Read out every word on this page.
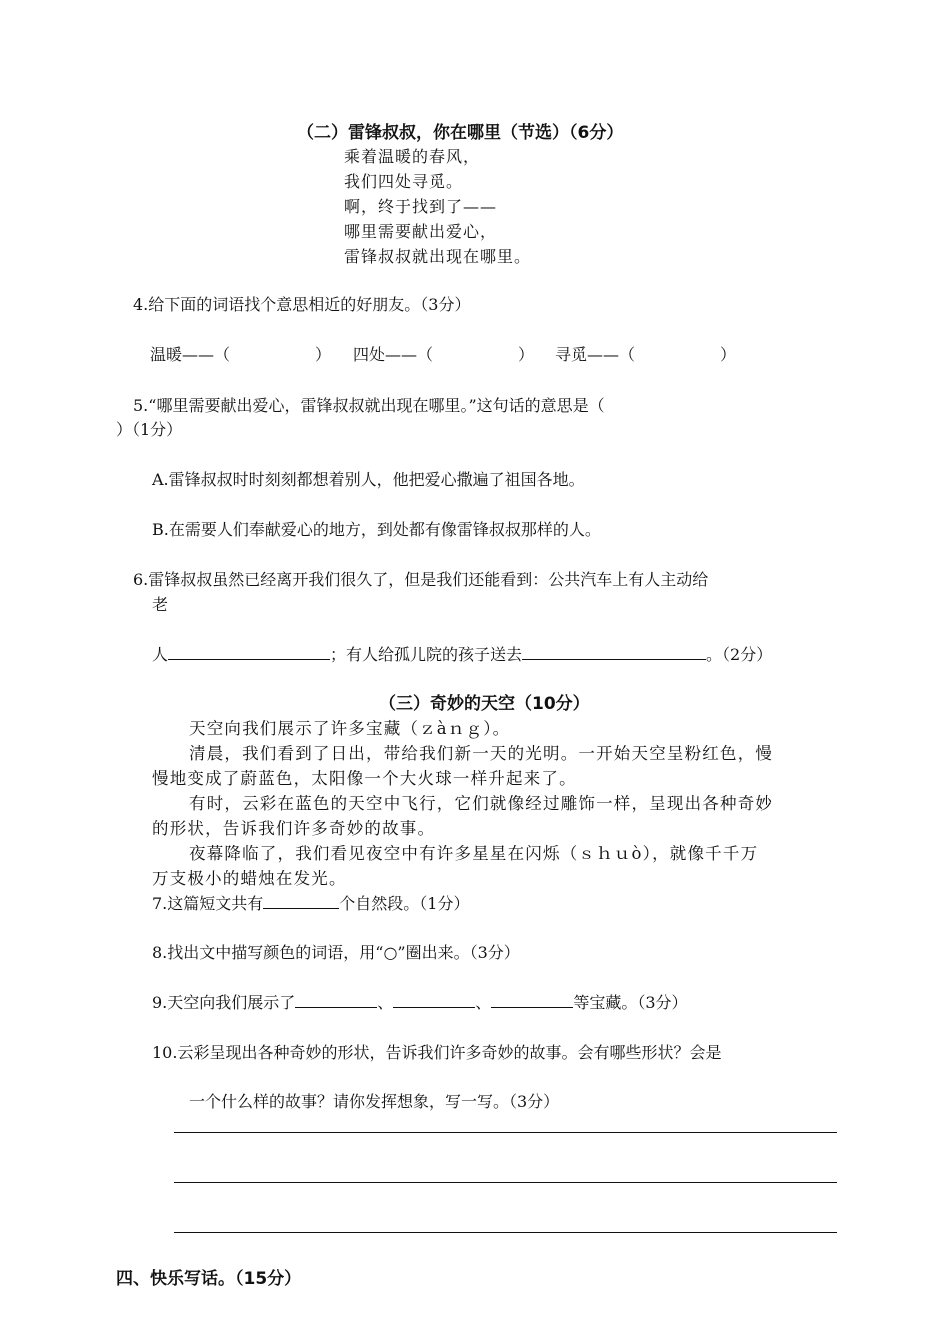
（二）雷锋叔叔，你在哪里（节选）（6分）
乘着温暖的春风，
我们四处寻觅。
啊，终于找到了——
哪里需要献出爱心，
雷锋叔叔就出现在哪里。
4.给下面的词语找个意思相近的好朋友。（3分）
温暖——（	） 四处——（	） 寻觅——（	）
5.“哪里需要献出爱心，雷锋叔叔就出现在哪里。”这句话的意思是（
）（1分）
A.雷锋叔叔时时刻刻都想着别人，他把爱心撒遍了祖国各地。
B.在需要人们奉献爱心的地方，到处都有像雷锋叔叔那样的人。
6.雷锋叔叔虽然已经离开我们很久了，但是我们还能看到：公共汽车上有人主动给
老
人	；有人给孤儿院的孩子送去	。（2分）
（三）奇妙的天空（10分）
天空向我们展示了许多宝藏（ｚàｎｇ）。
清晨，我们看到了日出，带给我们新一天的光明。一开始天空呈粉红色，慢
慢地变成了蔚蓝色，太阳像一个大火球一样升起来了。
有时，云彩在蓝色的天空中飞行，它们就像经过雕饰一样，呈现出各种奇妙
的形状，告诉我们许多奇妙的故事。
夜幕降临了，我们看见夜空中有许多星星在闪烁（ｓｈｕò），就像千千万
万支极小的蜡烛在发光。
7.这篇短文共有	个自然段。（1分）
8.找出文中描写颜色的词语，用“○”圈出来。（3分）
9.天空向我们展示了	、	、	等宝藏。（3分）
10.云彩呈现出各种奇妙的形状，告诉我们许多奇妙的故事。会有哪些形状？会是
一个什么样的故事？请你发挥想象，写一写。（3分）
四、快乐写话。（15分）
